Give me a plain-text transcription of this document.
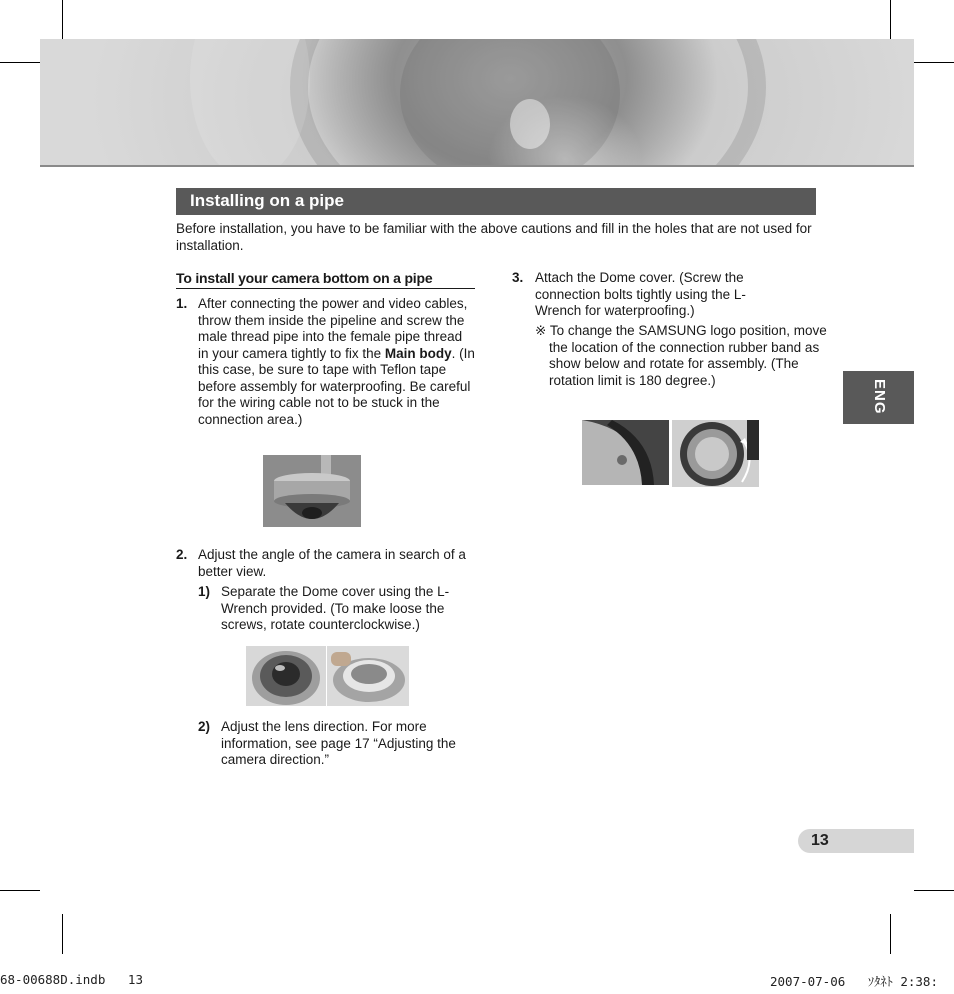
Installing on a pipe
Before installation, you have to be familiar with the above cautions and fill in the holes that are not used for installation.
To install your camera bottom on a pipe
1. After connecting the power and video cables, throw them inside the pipeline and screw the male thread pipe into the female pipe thread in your camera tightly to fix the Main body. (In this case, be sure to tape with Teflon tape before assembly for waterproofing. Be careful for the wiring cable not to be stuck in the connection area.)
2. Adjust the angle of the camera in search of a better view.
1) Separate the Dome cover using the L-Wrench provided. (To make loose the screws, rotate counterclockwise.)
2) Adjust the lens direction. For more information, see page 17 “Adjusting the camera direction.”
3. Attach the Dome cover. (Screw the connection bolts tightly using the L-Wrench for waterproofing.)
※ To change the SAMSUNG logo position, move the location of the connection rubber band as show below and rotate for assembly. (The rotation limit is 180 degree.)	ENG
13
68-00688D.indb   13	2007-07-06   ｿﾀﾈﾄ 2:38:
